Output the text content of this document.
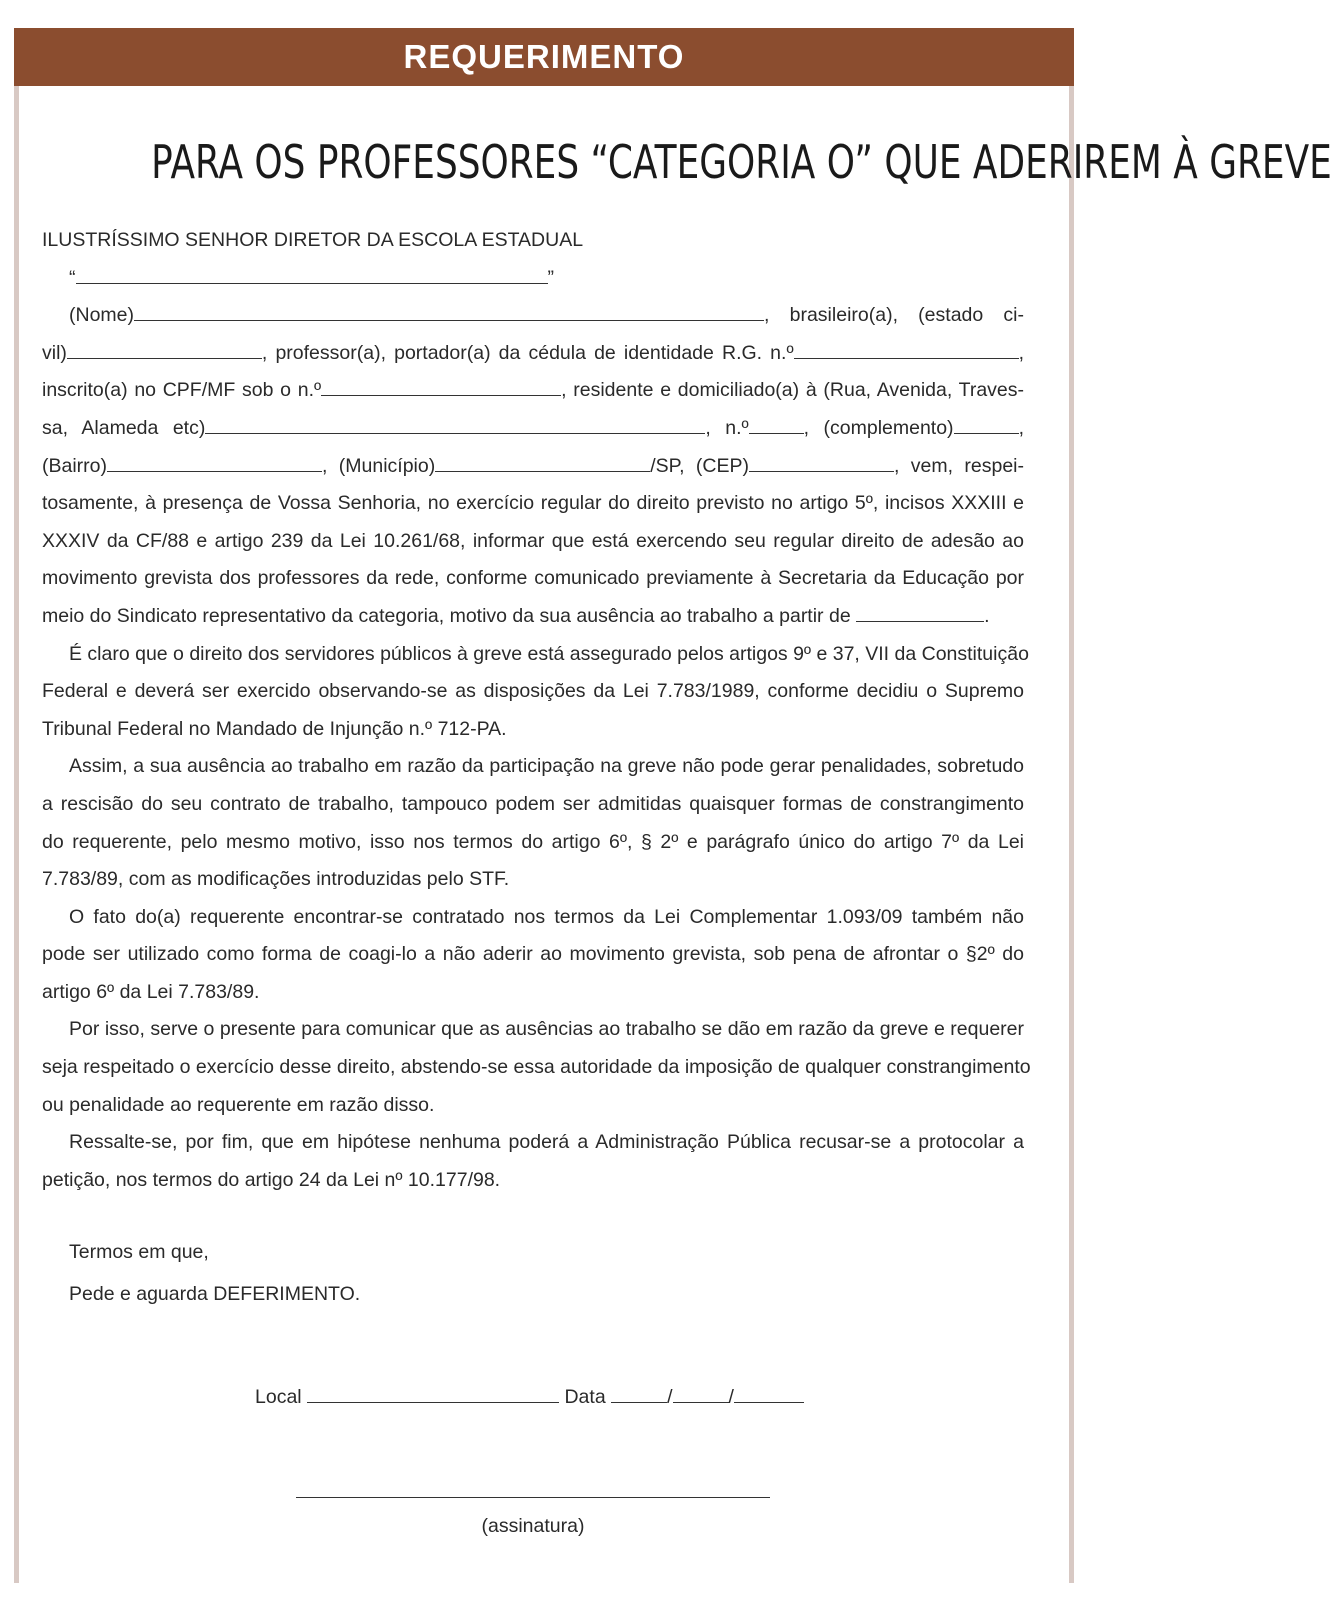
REQUERIMENTO
PARA OS PROFESSORES “CATEGORIA O” QUE ADERIREM À GREVE
ILUSTRÍSSIMO SENHOR DIRETOR DA ESCOLA ESTADUAL
“	”
(Nome)	, brasileiro(a), (estado ci-
vil)	, professor(a), portador(a) da cédula de identidade R.G. n.º	,
inscrito(a) no CPF/MF sob o n.º	, residente e domiciliado(a) à (Rua, Avenida, Traves-
sa, Alameda etc)	, n.º	, (complemento)	,
(Bairro)	, (Município)	/SP, (CEP)	, vem, respei-
tosamente, à presença de Vossa Senhoria, no exercício regular do direito previsto no artigo 5º, incisos XXXIII e
XXXIV da CF/88 e artigo 239 da Lei 10.261/68, informar que está exercendo seu regular direito de adesão ao
movimento grevista dos professores da rede, conforme comunicado previamente à Secretaria da Educação por
meio do Sindicato representativo da categoria, motivo da sua ausência ao trabalho a partir de	.
É claro que o direito dos servidores públicos à greve está assegurado pelos artigos 9º e 37, VII da Constituição
Federal e deverá ser exercido observando-se as disposições da Lei 7.783/1989, conforme decidiu o Supremo
Tribunal Federal no Mandado de Injunção n.º 712-PA.
Assim, a sua ausência ao trabalho em razão da participação na greve não pode gerar penalidades, sobretudo
a rescisão do seu contrato de trabalho, tampouco podem ser admitidas quaisquer formas de constrangimento
do requerente, pelo mesmo motivo, isso nos termos do artigo 6º, § 2º e parágrafo único do artigo 7º da Lei
7.783/89, com as modificações introduzidas pelo STF.
O fato do(a) requerente encontrar-se contratado nos termos da Lei Complementar 1.093/09 também não
pode ser utilizado como forma de coagi-lo a não aderir ao movimento grevista, sob pena de afrontar o §2º do
artigo 6º da Lei 7.783/89.
Por isso, serve o presente para comunicar que as ausências ao trabalho se dão em razão da greve e requerer
seja respeitado o exercício desse direito, abstendo-se essa autoridade da imposição de qualquer constrangimento
ou penalidade ao requerente em razão disso.
Ressalte-se, por fim, que em hipótese nenhuma poderá a Administração Pública recusar-se a protocolar a
petição, nos termos do artigo 24 da Lei nº 10.177/98.
Termos em que,
Pede e aguarda DEFERIMENTO.
Local	Data	/	/
(assinatura)
